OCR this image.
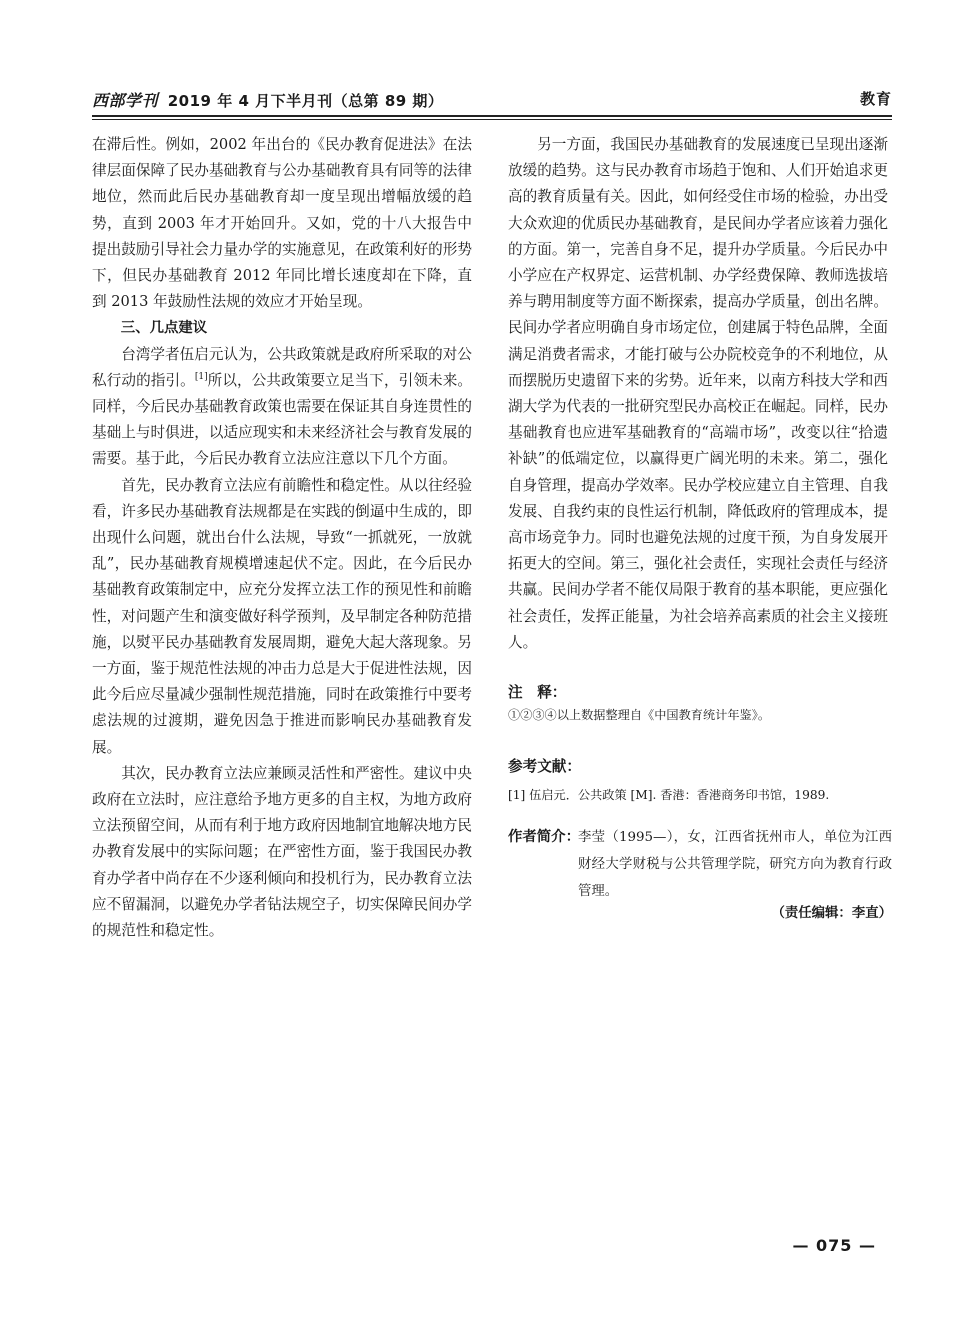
西部学刊 2019 年 4 月下半月刊（总第 89 期）	教育

在滞后性。例如，2002 年出台的《民办教育促进法》在法律层面保障了民办基础教育与公办基础教育具有同等的法律地位，然而此后民办基础教育却一度呈现出增幅放缓的趋势，直到 2003 年才开始回升。又如，党的十八大报告中提出鼓励引导社会力量办学的实施意见，在政策利好的形势下，但民办基础教育 2012 年同比增长速度却在下降，直到 2013 年鼓励性法规的效应才开始呈现。

三、几点建议

台湾学者伍启元认为，公共政策就是政府所采取的对公私行动的指引。[1]所以，公共政策要立足当下，引领未来。同样，今后民办基础教育政策也需要在保证其自身连贯性的基础上与时俱进，以适应现实和未来经济社会与教育发展的需要。基于此，今后民办教育立法应注意以下几个方面。

首先，民办教育立法应有前瞻性和稳定性。从以往经验看，许多民办基础教育法规都是在实践的倒逼中生成的，即出现什么问题，就出台什么法规，导致“一抓就死，一放就乱”，民办基础教育规模增速起伏不定。因此，在今后民办基础教育政策制定中，应充分发挥立法工作的预见性和前瞻性，对问题产生和演变做好科学预判，及早制定各种防范措施，以熨平民办基础教育发展周期，避免大起大落现象。另一方面，鉴于规范性法规的冲击力总是大于促进性法规，因此今后应尽量减少强制性规范措施，同时在政策推行中要考虑法规的过渡期，避免因急于推进而影响民办基础教育发展。

其次，民办教育立法应兼顾灵活性和严密性。建议中央政府在立法时，应注意给予地方更多的自主权，为地方政府立法预留空间，从而有利于地方政府因地制宜地解决地方民办教育发展中的实际问题；在严密性方面，鉴于我国民办教育办学者中尚存在不少逐利倾向和投机行为，民办教育立法应不留漏洞，以避免办学者钻法规空子，切实保障民间办学的规范性和稳定性。

另一方面，我国民办基础教育的发展速度已呈现出逐渐放缓的趋势。这与民办教育市场趋于饱和、人们开始追求更高的教育质量有关。因此，如何经受住市场的检验，办出受大众欢迎的优质民办基础教育，是民间办学者应该着力强化的方面。第一，完善自身不足，提升办学质量。今后民办中小学应在产权界定、运营机制、办学经费保障、教师选拔培养与聘用制度等方面不断探索，提高办学质量，创出名牌。民间办学者应明确自身市场定位，创建属于特色品牌，全面满足消费者需求，才能打破与公办院校竞争的不利地位，从而摆脱历史遗留下来的劣势。近年来，以南方科技大学和西湖大学为代表的一批研究型民办高校正在崛起。同样，民办基础教育也应进军基础教育的“高端市场”，改变以往“拾遗补缺”的低端定位，以赢得更广阔光明的未来。第二，强化自身管理，提高办学效率。民办学校应建立自主管理、自我发展、自我约束的良性运行机制，降低政府的管理成本，提高市场竞争力。同时也避免法规的过度干预，为自身发展开拓更大的空间。第三，强化社会责任，实现社会责任与经济共赢。民间办学者不能仅局限于教育的基本职能，更应强化社会责任，发挥正能量，为社会培养高素质的社会主义接班人。

注　释：
①②③④以上数据整理自《中国教育统计年鉴》。
参考文献：
[1] 伍启元．公共政策 [M]. 香港：香港商务印书馆，1989.
作者简介：
李莹（1995—），女，江西省抚州市人，单位为江西财经大学财税与公共管理学院，研究方向为教育行政管理。
（责任编辑：李直）
— 075 —
